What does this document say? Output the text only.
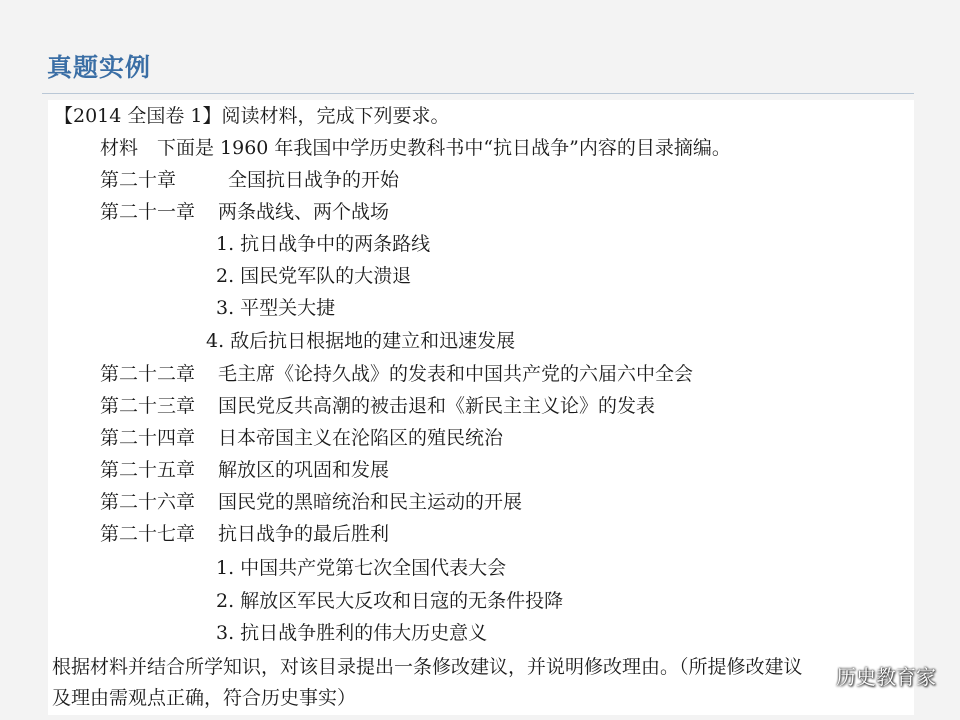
真题实例
【2014 全国卷 1】阅读材料，完成下列要求。
材料　下面是 1960 年我国中学历史教科书中“抗日战争”内容的目录摘编。
第二十章	全国抗日战争的开始
第二十一章 两条战线、两个战场
1. 抗日战争中的两条路线
2. 国民党军队的大溃退
3. 平型关大捷
4. 敌后抗日根据地的建立和迅速发展
第二十二章 毛主席《论持久战》的发表和中国共产党的六届六中全会
第二十三章 国民党反共高潮的被击退和《新民主主义论》的发表
第二十四章 日本帝国主义在沦陷区的殖民统治
第二十五章 解放区的巩固和发展
第二十六章 国民党的黑暗统治和民主运动的开展
第二十七章 抗日战争的最后胜利
1. 中国共产党第七次全国代表大会
2. 解放区军民大反攻和日寇的无条件投降
3. 抗日战争胜利的伟大历史意义
根据材料并结合所学知识，对该目录提出一条修改建议，并说明修改理由。（所提修改建议
及理由需观点正确，符合历史事实）
历史教育家
